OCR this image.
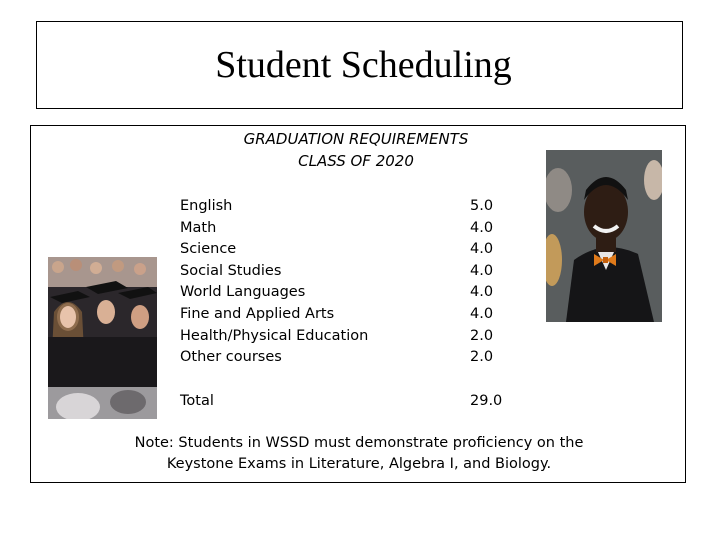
Student Scheduling
GRADUATION REQUIREMENTS
CLASS OF 2020
English	5.0
Math	4.0
Science	4.0
Social Studies	4.0
World Languages	4.0
Fine and Applied Arts	4.0
Health/Physical Education	2.0
Other courses	2.0
Total	29.0
Note: Students in WSSD must demonstrate proficiency on the
Keystone Exams in Literature, Algebra I, and Biology.
